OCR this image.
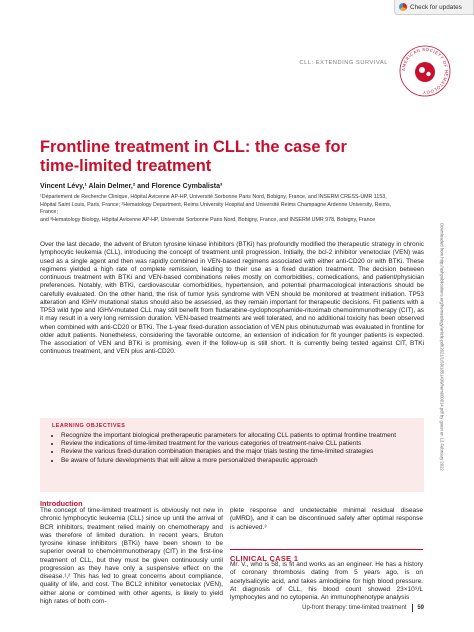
Check for updates
CLL: EXTENDING SURVIVAL
AMERICAN SOCIETY OF HEMATOLOGY
Frontline treatment in CLL: the case for time-limited treatment
Vincent Lévy,¹ Alain Delmer,² and Florence Cymbalista³
¹Département de Recherche Clinique, Hôpital Avicenne AP-HP, Université Sorbonne Paris Nord, Bobigny, France, and INSERM CRESS-UMR 1153,
Hôpital Saint Louis, Paris, France; ²Hematology Department, Reims University Hospital and Université Reims Champagne Ardenne University, Reims, France;
and ³Hematology Biology, Hôpital Avicenne AP-HP, Université Sorbonne Paris Nord, Bobigny, France, and INSERM UMR 978, Bobigny, France
Downloaded from http://ashpublications.org/hematology/article-pdf/2021/1/59/1851439/hem000014.pdf by guest on 12 February 2022
Over the last decade, the advent of Bruton tyrosine kinase inhibitors (BTKi) has profoundly modified the therapeutic strategy in chronic lymphocytic leukemia (CLL), introducing the concept of treatment until progression. Initially, the bcl-2 inhibitor venetoclax (VEN) was used as a single agent and then was rapidly combined in VEN-based regimens associated with either anti-CD20 or with BTKi. These regimens yielded a high rate of complete remission, leading to their use as a fixed duration treatment. The decision between continuous treatment with BTKi and VEN-based combinations relies mostly on comorbidities, comedications, and patient/physician preferences. Notably, with BTKi, cardiovascular comorbidities, hypertension, and potential pharmacological interactions should be carefully evaluated. On the other hand, the risk of tumor lysis syndrome with VEN should be monitored at treatment initiation. TP53 alteration and IGHV mutational status should also be assessed, as they remain important for therapeutic decisions. Fit patients with a TP53 wild type and IGHV-mutated CLL may still benefit from fludarabine-cyclophosphamide-rituximab chemoimmunotherapy (CIT), as it may result in a very long remission duration. VEN-based treatments are well tolerated, and no additional toxicity has been observed when combined with anti-CD20 or BTKi. The 1-year fixed-duration association of VEN plus obinutuzumab was evaluated in frontline for older adult patients. Nonetheless, considering the favorable outcome, an extension of indication for fit younger patients is expected. The association of VEN and BTKi is promising, even if the follow-up is still short. It is currently being tested against CIT, BTKi continuous treatment, and VEN plus anti-CD20.
LEARNING OBJECTIVES
• Recognize the important biological pretherapeutic parameters for allocating CLL patients to optimal frontline treatment
• Review the indications of time-limited treatment for the various categories of treatment-naive CLL patients
• Review the various fixed-duration combination therapies and the major trials testing the time-limited strategies
• Be aware of future developments that will allow a more personalized therapeutic approach
Introduction
The concept of time-limited treatment is obviously not new in chronic lymphocytic leukemia (CLL) since up until the arrival of BCR inhibitors, treatment relied mainly on chemotherapy and was therefore of limited duration. In recent years, Bruton tyrosine kinase inhibitors (BTKi) have been shown to be superior overall to chemoimmunotherapy (CIT) in the first-line treatment of CLL, but they must be given continuously until progression as they have only a suspensive effect on the disease.¹,² This has led to great concerns about compliance, quality of life, and cost. The BCL2 inhibitor venetoclax (VEN), either alone or combined with other agents, is likely to yield high rates of both com-
plete response and undetectable minimal residual disease (uMRD), and it can be discontinued safely after optimal response is achieved.³
CLINICAL CASE 1
Mr. V., who is 58, is fit and works as an engineer. He has a history of coronary thrombosis dating from 5 years ago, is on acetylsalicylic acid, and takes amlodipine for high blood pressure. At diagnosis of CLL, his blood count showed 23×10⁹/L lymphocytes and no cytopenia. An immunophenotype analysis
Up-front therapy: time-limited treatment 59
